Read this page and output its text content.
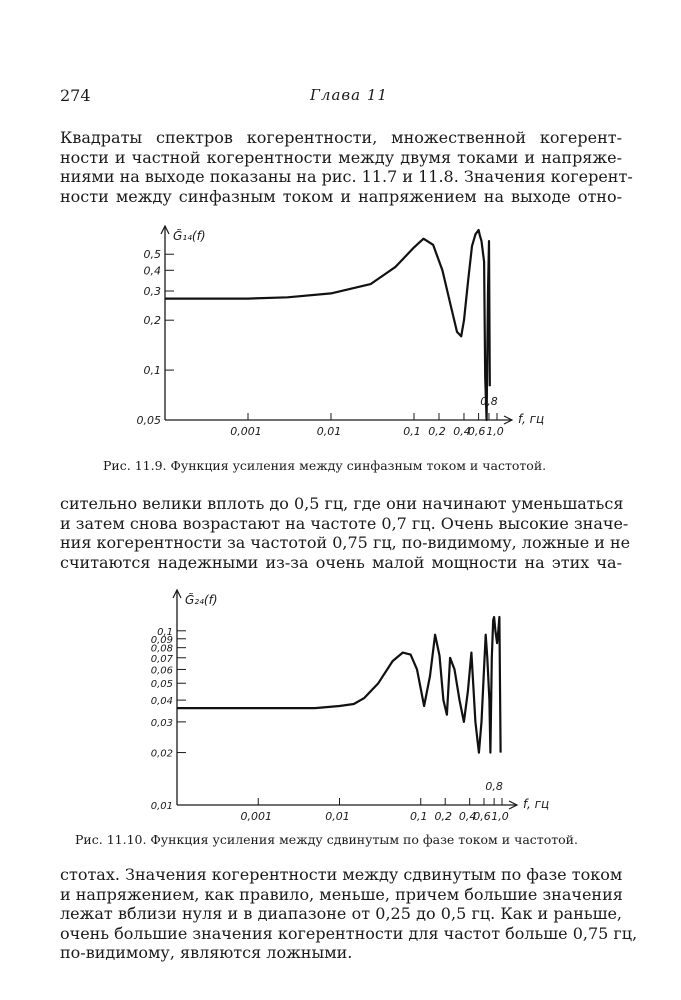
274	Глава 11
Квадраты спектров когерентности, множественной когерент-
ности и частной когерентности между двумя токами и напряже-
ниями на выходе показаны на рис. 11.7 и 11.8. Значения когерент-
ности между синфазным током и напряжением на выходе отно-
сительно велики вплоть до 0,5 гц, где они начинают уменьшаться
и затем снова возрастают на частоте 0,7 гц. Очень высокие значе-
ния когерентности за частотой 0,75 гц, по-видимому, ложные и не
считаются надежными из-за очень малой мощности на этих ча-
стотах. Значения когерентности между сдвинутым по фазе током
и напряжением, как правило, меньше, причем большие значения
лежат вблизи нуля и в диапазоне от 0,25 до 0,5 гц. Как и раньше,
очень большие значения когерентности для частот больше 0,75 гц,
по-видимому, являются ложными.
Рис. 11.9. Функция усиления между синфазным током и частотой.
Рис. 11.10. Функция усиления между сдвинутым по фазе током и частотой.
0,05
0,1
0,2
0,3
0,4
0,5
0,001	0,01	0,1 0,2 0,4
0,6
0,8
1,0
G̃₁₄(f)
f, гц
0,01
0,02
0,03
0,04
0,05
0,06
0,07
0,08
0,09
0,1
0,001	0,01	0,1 0,2 0,4
0,6
0,8
1,0
G̃₂₄(f)
f, гц
